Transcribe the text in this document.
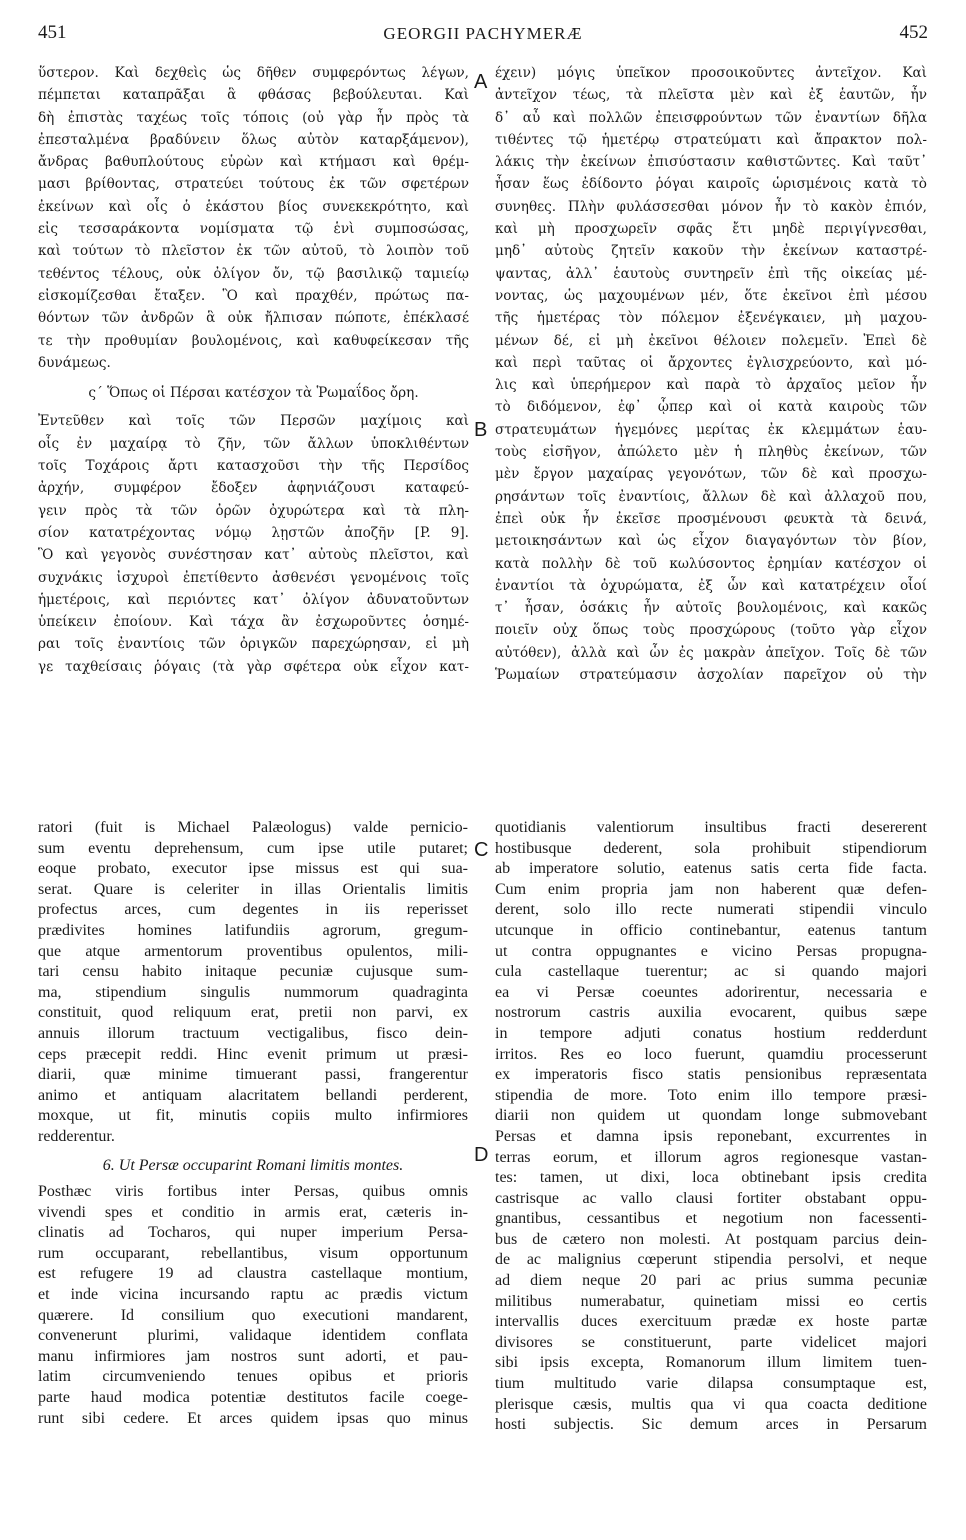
451	GEORGII PACHYMERÆ	452
A
B
C
D
ὕστερον. Καὶ δεχθεὶς ὡς δῆθεν συμφερόντως λέγων,
πέμπεται καταπρᾶξαι ἃ φθάσας βεβούλευται. Καὶ
δὴ ἐπιστὰς ταχέως τοῖς τόποις (οὐ γὰρ ἦν πρὸς τὰ
ἐπεσταλμένα βραδύνειν ὅλως αὐτὸν καταρξάμενον),
ἄνδρας βαθυπλούτους εὑρὼν καὶ κτήμασι καὶ θρέμ-
μασι βρίθοντας, στρατεύει τούτους ἐκ τῶν σφετέρων
ἐκείνων καὶ οἷς ὁ ἑκάστου βίος συνεκεκρότητο, καὶ
εἰς τεσσαράκοντα νομίσματα τῷ ἑνὶ συμποσώσας,
καὶ τούτων τὸ πλεῖστον ἐκ τῶν αὐτοῦ, τὸ λοιπὸν τοῦ
τεθέντος τέλους, οὐκ ὀλίγον ὄν, τῷ βασιλικῷ ταμιείῳ
εἰσκομίζεσθαι ἔταξεν. Ὃ καὶ πραχθέν, πρώτως πα-
θόντων τῶν ἀνδρῶν ἃ οὐκ ἤλπισαν πώποτε, ἐπέκλασέ
τε τὴν προθυμίαν βουλομένοις, καὶ καθυφείκεσαν τῆς
δυνάμεως.
ς´ Ὅπως οἱ Πέρσαι κατέσχον τὰ Ῥωμαΐδος ὄρη.
Ἐντεῦθεν καὶ τοῖς τῶν Περσῶν μαχίμοις καὶ
οἷς ἐν μαχαίρᾳ τὸ ζῆν, τῶν ἄλλων ὑποκλιθέντων
τοῖς Τοχάροις ἄρτι κατασχοῦσι τὴν τῆς Περσίδος
ἀρχήν, συμφέρον ἔδοξεν ἀφηνιάζουσι καταφεύ-
γειν πρὸς τὰ τῶν ὀρῶν ὀχυρώτερα καὶ τὰ πλη-
σίον κατατρέχοντας νόμῳ λῃστῶν ἀποζῆν [P. 9].
Ὃ καὶ γεγονὸς συνέστησαν κατ᾽ αὐτοὺς πλεῖστοι, καὶ
συχνάκις ἰσχυροὶ ἐπετίθεντο ἀσθενέσι γενομένοις τοῖς
ἡμετέροις, καὶ περιόντες κατ᾽ ὀλίγον ἀδυνατοῦντων
ὑπείκειν ἐποίουν. Καὶ τάχα ἂν ἐσχωροῦντες ὁσημέ-
ραι τοῖς ἐναντίοις τῶν ὀριγκῶν παρεχώρησαν, εἰ μὴ
γε ταχθείσαις ῥόγαις (τὰ γὰρ σφέτερα οὐκ εἶχον κατ-
έχειν) μόγις ὑπεῖκον προσοικοῦντες ἀντεῖχον. Καὶ
ἀντεῖχον τέως, τὰ πλεῖστα μὲν καὶ ἐξ ἑαυτῶν, ἦν
δ᾽ αὖ καὶ πολλῶν ἐπεισφρούντων τῶν ἐναντίων δῆλα
τιθέντες τῷ ἡμετέρῳ στρατεύματι καὶ ἄπρακτον πολ-
λάκις τὴν ἐκείνων ἐπισύστασιν καθιστῶντες. Καὶ ταῦτ᾽
ἦσαν ἕως ἐδίδοντο ῥόγαι καιροῖς ὡρισμένοις κατὰ τὸ
συνηθες. Πλὴν φυλάσσεσθαι μόνον ἦν τὸ κακὸν ἐπιόν,
καὶ μὴ προσχωρεῖν σφᾶς ἔτι μηδὲ περιγίγνεσθαι,
μηδ᾽ αὐτοὺς ζητεῖν κακοῦν τὴν ἐκείνων καταστρέ-
ψαντας, ἀλλ᾽ ἑαυτοὺς συντηρεῖν ἐπὶ τῆς οἰκείας μέ-
νοντας, ὡς μαχουμένων μέν, ὅτε ἐκεῖνοι ἐπὶ μέσου
τῆς ἡμετέρας τὸν πόλεμον ἐξενέγκαιεν, μὴ μαχου-
μένων δέ, εἰ μὴ ἐκεῖνοι θέλοιεν πολεμεῖν. Ἐπεὶ δὲ
καὶ περὶ ταῦτας οἱ ἄρχοντες ἐγλισχρεύοντο, καὶ μό-
λις καὶ ὑπερήμερον καὶ παρὰ τὸ ἀρχαῖος μεῖον ἦν
τὸ διδόμενον, ἐφ᾽ ᾧπερ καὶ οἱ κατὰ καιροὺς τῶν
στρατευμάτων ἡγεμόνες μερίτας ἐκ κλεμμάτων ἑαυ-
τοὺς εἰσῆγον, ἀπώλετο μὲν ἡ πληθὺς ἐκείνων, τῶν
μὲν ἔργον μαχαίρας γεγονότων, τῶν δὲ καὶ προσχω-
ρησάντων τοῖς ἐναντίοις, ἄλλων δὲ καὶ ἀλλαχοῦ που,
ἐπεὶ οὐκ ἦν ἐκεῖσε προσμένουσι φευκτὰ τὰ δεινά,
μετοικησάντων καὶ ὡς εἶχον διαγαγόντων τὸν βίον,
κατὰ πολλὴν δὲ τοῦ κωλύσοντος ἐρημίαν κατέσχον οἱ
ἐναντίοι τὰ ὀχυρώματα, ἐξ ὧν καὶ κατατρέχειν οἷοί
τ᾽ ἦσαν, ὁσάκις ἦν αὐτοῖς βουλομένοις, καὶ κακῶς
ποιεῖν οὐχ ὅπως τοὺς προσχώρους (τοῦτο γὰρ εἶχον
αὐτόθεν), ἀλλὰ καὶ ὧν ἐς μακρὰν ἀπεῖχον. Τοῖς δὲ τῶν
Ῥωμαίων στρατεύμασιν ἀσχολίαν παρεῖχον οὐ τὴν
ratori (fuit is Michael Palæologus) valde pernicio-
sum eventu deprehensum, cum ipse utile putaret;
eoque probato, executor ipse missus est qui sua-
serat. Quare is celeriter in illas Orientalis limitis
profectus arces, cum degentes in iis reperisset
prædivites homines latifundiis agrorum, gregum-
que atque armentorum proventibus opulentos, mili-
tari censu habito initaque pecuniæ cujusque sum-
ma, stipendium singulis nummorum quadraginta
constituit, quod reliquum erat, pretii non parvi, ex
annuis illorum tractuum vectigalibus, fisco dein-
ceps præcepit reddi. Hinc evenit primum ut præsi-
diarii, quæ minime timuerant passi, frangerentur
animo et antiquam alacritatem bellandi perderent,
moxque, ut fit, minutis copiis multo infirmiores
redderentur.
6. Ut Persæ occuparint Romani limitis montes.
Posthæc viris fortibus inter Persas, quibus omnis
vivendi spes et conditio in armis erat, cæteris in-
clinatis ad Tocharos, qui nuper imperium Persa-
rum occuparant, rebellantibus, visum opportunum
est refugere 19 ad claustra castellaque montium,
et inde vicina incursando raptu ac prædis victum
quærere. Id consilium quo executioni mandarent,
convenerunt plurimi, validaque identidem conflata
manu infirmiores jam nostros sunt adorti, et pau-
latim circumveniendo tenues opibus et prioris
parte haud modica potentiæ destitutos facile coege-
runt sibi cedere. Et arces quidem ipsas quo minus
quotidianis valentiorum insultibus fracti desererent
hostibusque dederent, sola prohibuit stipendiorum
ab imperatore solutio, eatenus satis certa fide facta.
Cum enim propria jam non haberent quæ defen-
derent, solo illo recte numerati stipendii vinculo
utcunque in officio continebantur, eatenus tantum
ut contra oppugnantes e vicino Persas propugna-
cula castellaque tuerentur; ac si quando majori
ea vi Persæ coeuntes adorirentur, necessaria e
nostrorum castris auxilia evocarent, quibus sæpe
in tempore adjuti conatus hostium redderdunt
irritos. Res eo loco fuerunt, quamdiu processerunt
ex imperatoris fisco statis pensionibus repræsentata
stipendia de more. Toto enim illo tempore præsi-
diarii non quidem ut quondam longe submovebant
Persas et damna ipsis reponebant, excurrentes in
terras eorum, et illorum agros regionesque vastan-
tes: tamen, ut dixi, loca obtinebant ipsis credita
castrisque ac vallo clausi fortiter obstabant oppu-
gnantibus, cessantibus et negotium non facessenti-
bus de cætero non molesti. At postquam parcius dein-
de ac malignius cœperunt stipendia persolvi, et neque
ad diem neque 20 pari ac prius summa pecuniæ
militibus numerabatur, quinetiam missi eo certis
intervallis duces exercituum prædæ ex hoste partæ
divisores se constituerunt, parte videlicet majori
sibi ipsis excepta, Romanorum illum limitem tuen-
tium multitudo varie dilapsa consumptaque est,
plerisque cæsis, multis qua vi qua coacta deditione
hosti subjectis. Sic demum arces in Persarum
